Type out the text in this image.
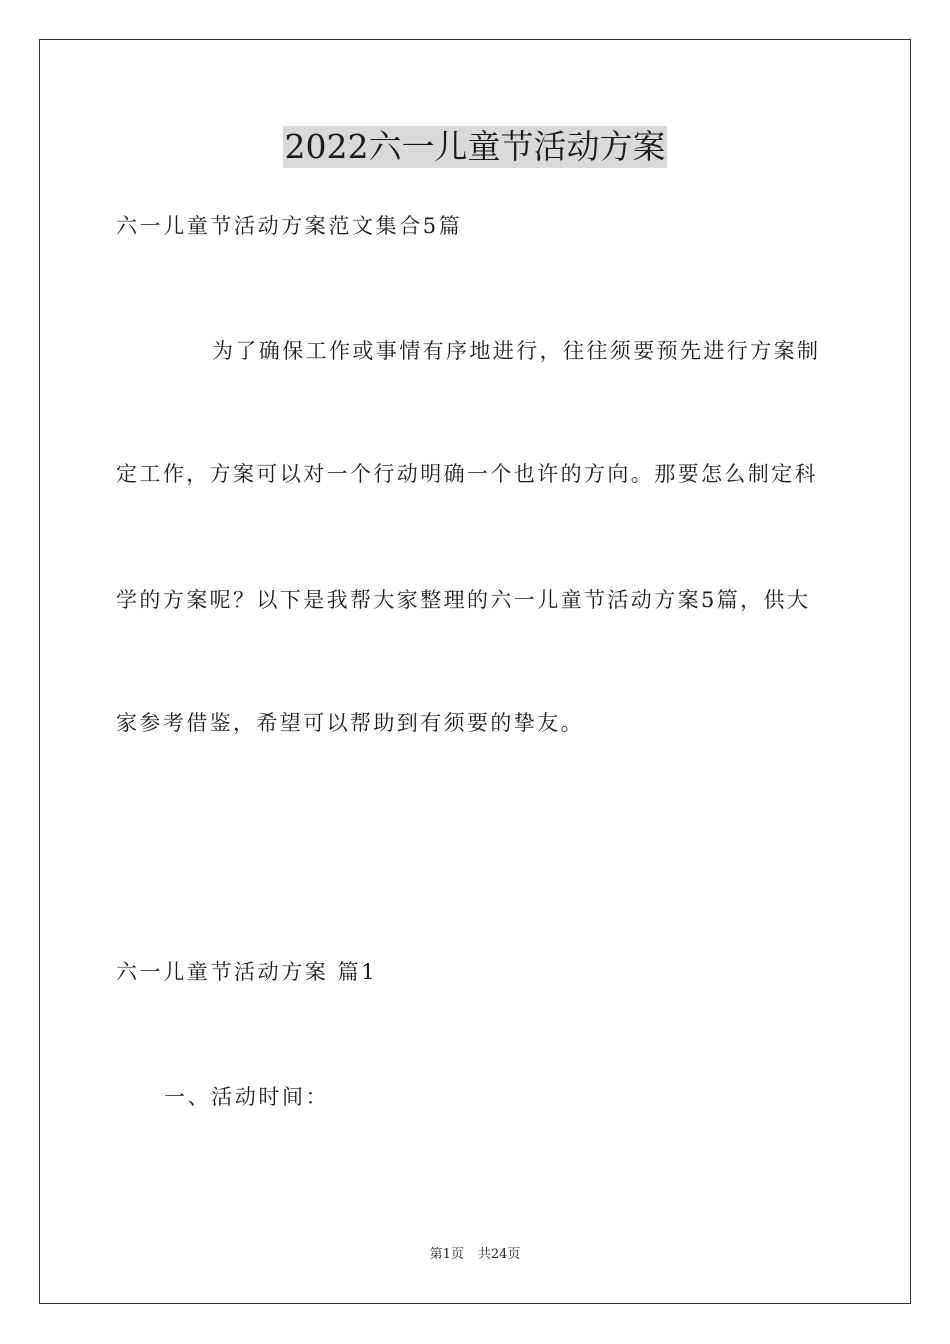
2022六一儿童节活动方案
六一儿童节活动方案范文集合5篇
为了确保工作或事情有序地进行，往往须要预先进行方案制
定工作，方案可以对一个行动明确一个也许的方向。那要怎么制定科
学的方案呢？以下是我帮大家整理的六一儿童节活动方案5篇，供大
家参考借鉴，希望可以帮助到有须要的挚友。
六一儿童节活动方案 篇1
一、活动时间：
第1页 共24页
